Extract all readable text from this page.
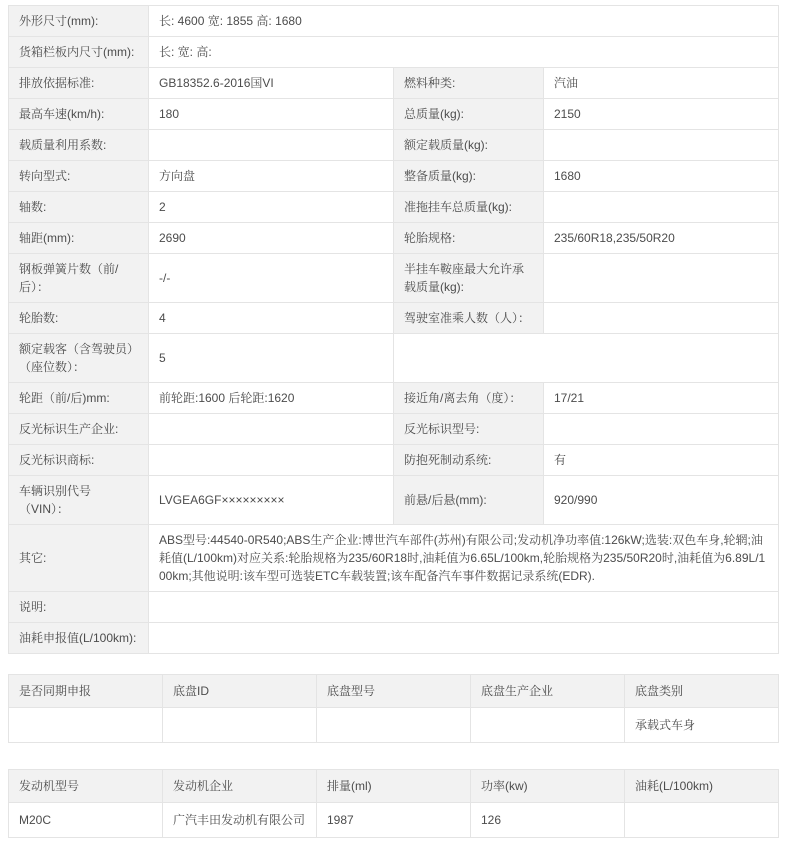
外形尺寸(mm):	长: 4600 宽: 1855 高: 1680		
货箱栏板内尺寸(mm):	长: 宽: 高:		
排放依据标准:	GB18352.6-2016国VI	燃料种类:	汽油
最高车速(km/h):	180	总质量(kg):	2150
载质量利用系数:		额定载质量(kg):	
转向型式:	方向盘	整备质量(kg):	1680
轴数:	2	准拖挂车总质量(kg):	
轴距(mm):	2690	轮胎规格:	235/60R18,235/50R20
钢板弹簧片数（前/后）：	-/-	半挂车鞍座最大允许承载质量(kg):	
轮胎数:	4	驾驶室准乘人数（人）：	
额定载客（含驾驶员）（座位数）：	5		
轮距（前/后)mm:	前轮距:1600 后轮距:1620	接近角/离去角（度）：	17/21
反光标识生产企业:		反光标识型号:	
反光标识商标:		防抱死制动系统:	有
车辆识别代号（VIN）：	LVGEA6GF×××××××××	前悬/后悬(mm):	920/990
其它:	ABS型号:44540-0R540;ABS生产企业:博世汽车部件(苏州)有限公司;发动机净功率值:126kW;选装:双色车身,轮辋;油耗值(L/100km)对应关系:轮胎规格为235/60R18时,油耗值为6.65L/100km,轮胎规格为235/50R20时,油耗值为6.89L/100km;其他说明:该车型可选装ETC车载装置;该车配备汽车事件数据记录系统(EDR).		
说明:			
油耗申报值(L/100km):			
是否同期申报	底盘ID	底盘型号	底盘生产企业	底盘类别
				承载式车身
发动机型号	发动机企业	排量(ml)	功率(kw)	油耗(L/100km)
M20C	广汽丰田发动机有限公司	1987	126	
